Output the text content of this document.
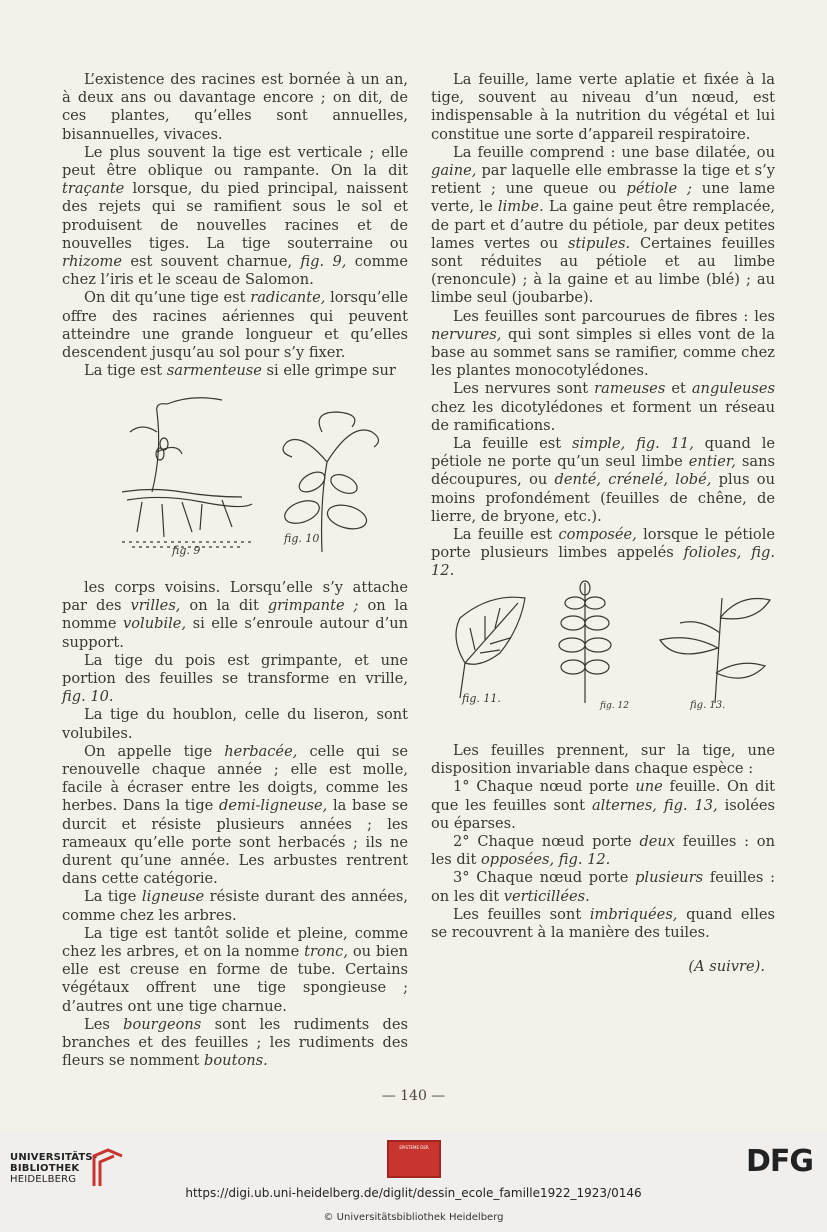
L’existence des racines est bornée à un an, à deux ans ou davantage encore ; on dit, de ces plantes, qu’elles sont annuelles, bisannuelles, vivaces.

Le plus souvent la tige est verticale ; elle peut être oblique ou rampante. On la dit traçante lorsque, du pied principal, naissent des rejets qui se ramifient sous le sol et produisent de nouvelles racines et de nouvelles tiges. La tige souterraine ou rhizome est souvent charnue, fig. 9, comme chez l’iris et le sceau de Salomon.

On dit qu’une tige est radicante, lorsqu’elle offre des racines aériennes qui peuvent atteindre une grande longueur et qu’elles descendent jusqu’au sol pour s’y fixer.

La tige est sarmenteuse si elle grimpe sur

fig. 9
fig. 10

les corps voisins. Lorsqu’elle s’y attache par des vrilles, on la dit grimpante ; on la nomme volubile, si elle s’enroule autour d’un support.

La tige du pois est grimpante, et une portion des feuilles se transforme en vrille, fig. 10.

La tige du houblon, celle du liseron, sont volubiles.

On appelle tige herbacée, celle qui se renouvelle chaque année ; elle est molle, facile à écraser entre les doigts, comme les herbes. Dans la tige demi-ligneuse, la base se durcit et résiste plusieurs années ; les rameaux qu’elle porte sont herbacés ; ils ne durent qu’une année. Les arbustes rentrent dans cette catégorie.

La tige ligneuse résiste durant des années, comme chez les arbres.

La tige est tantôt solide et pleine, comme chez les arbres, et on la nomme tronc, ou bien elle est creuse en forme de tube. Certains végétaux offrent une tige spongieuse ; d’autres ont une tige charnue.

Les bourgeons sont les rudiments des branches et des feuilles ; les rudiments des fleurs se nomment boutons.

La feuille, lame verte aplatie et fixée à la tige, souvent au niveau d’un nœud, est indispensable à la nutrition du végétal et lui constitue une sorte d’appareil respiratoire.

La feuille comprend : une base dilatée, ou gaine, par laquelle elle embrasse la tige et s’y retient ; une queue ou pétiole ; une lame verte, le limbe. La gaine peut être remplacée, de part et d’autre du pétiole, par deux petites lames vertes ou stipules. Certaines feuilles sont réduites au pétiole et au limbe (renoncule) ; à la gaine et au limbe (blé) ; au limbe seul (joubarbe).

Les feuilles sont parcourues de fibres : les nervures, qui sont simples si elles vont de la base au sommet sans se ramifier, comme chez les plantes monocotylédones.

Les nervures sont rameuses et anguleuses chez les dicotylédones et forment un réseau de ramifications.

La feuille est simple, fig. 11, quand le pétiole ne porte qu’un seul limbe entier, sans découpures, ou denté, crénelé, lobé, plus ou moins profondément (feuilles de chêne, de lierre, de bryone, etc.).

La feuille est composée, lorsque le pétiole porte plusieurs limbes appelés folioles, fig. 12.

fig. 11.
fig. 12	fig. 13.

Les feuilles prennent, sur la tige, une disposition invariable dans chaque espèce :

1° Chaque nœud porte une feuille. On dit que les feuilles sont alternes, fig. 13, isolées ou éparses.

2° Chaque nœud porte deux feuilles : on les dit opposées, fig. 12.

3° Chaque nœud porte plusieurs feuilles : on les dit verticillées.

Les feuilles sont imbriquées, quand elles se recouvrent à la manière des tuiles.

(A suivre).
— 140 —
UNIVERSITÄTS-
BIBLIOTHEK
HEIDELBERG
EPISTEME DER	DFG
https://digi.ub.uni-heidelberg.de/diglit/dessin_ecole_famille1922_1923/0146
© Universitätsbibliothek Heidelberg
